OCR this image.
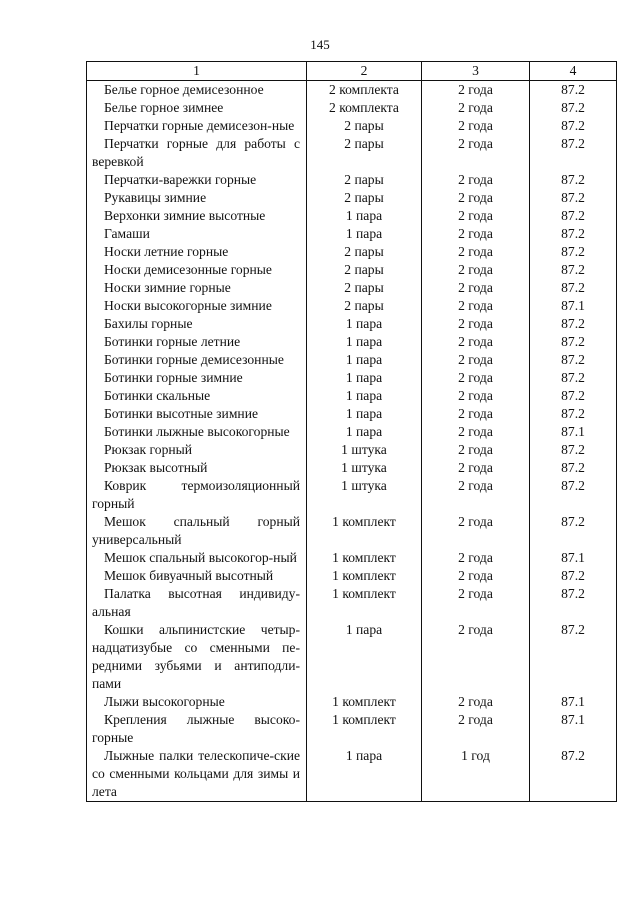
145
1	2	3	4
Белье горное демисезонное	2 комплекта	2 года	87.2
Белье горное зимнее	2 комплекта	2 года	87.2
Перчатки горные демисезон-ные	2 пары	2 года	87.2
Перчатки горные для работы с веревкой	2 пары	2 года	87.2
Перчатки-варежки горные	2 пары	2 года	87.2
Рукавицы зимние	2 пары	2 года	87.2
Верхонки зимние высотные	1 пара	2 года	87.2
Гамаши	1 пара	2 года	87.2
Носки летние горные	2 пары	2 года	87.2
Носки демисезонные горные	2 пары	2 года	87.2
Носки зимние горные	2 пары	2 года	87.2
Носки высокогорные зимние	2 пары	2 года	87.1
Бахилы горные	1 пара	2 года	87.2
Ботинки горные летние	1 пара	2 года	87.2
Ботинки горные демисезонные	1 пара	2 года	87.2
Ботинки горные зимние	1 пара	2 года	87.2
Ботинки скальные	1 пара	2 года	87.2
Ботинки высотные зимние	1 пара	2 года	87.2
Ботинки лыжные высокогорные	1 пара	2 года	87.1
Рюкзак горный	1 штука	2 года	87.2
Рюкзак высотный	1 штука	2 года	87.2
Коврик термоизоляционный горный	1 штука	2 года	87.2
Мешок спальный горный универсальный	1 комплект	2 года	87.2
Мешок спальный высокогор-ный	1 комплект	2 года	87.1
Мешок бивуачный высотный	1 комплект	2 года	87.2
Палатка высотная индивиду-альная	1 комплект	2 года	87.2
Кошки альпинистские четыр-надцатизубые со сменными пе-редними зубьями и антиподли-пами	1 пара	2 года	87.2
Лыжи высокогорные	1 комплект	2 года	87.1
Крепления лыжные высоко-горные	1 комплект	2 года	87.1
Лыжные палки телескопиче-ские со сменными кольцами для зимы и лета	1 пара	1 год	87.2
